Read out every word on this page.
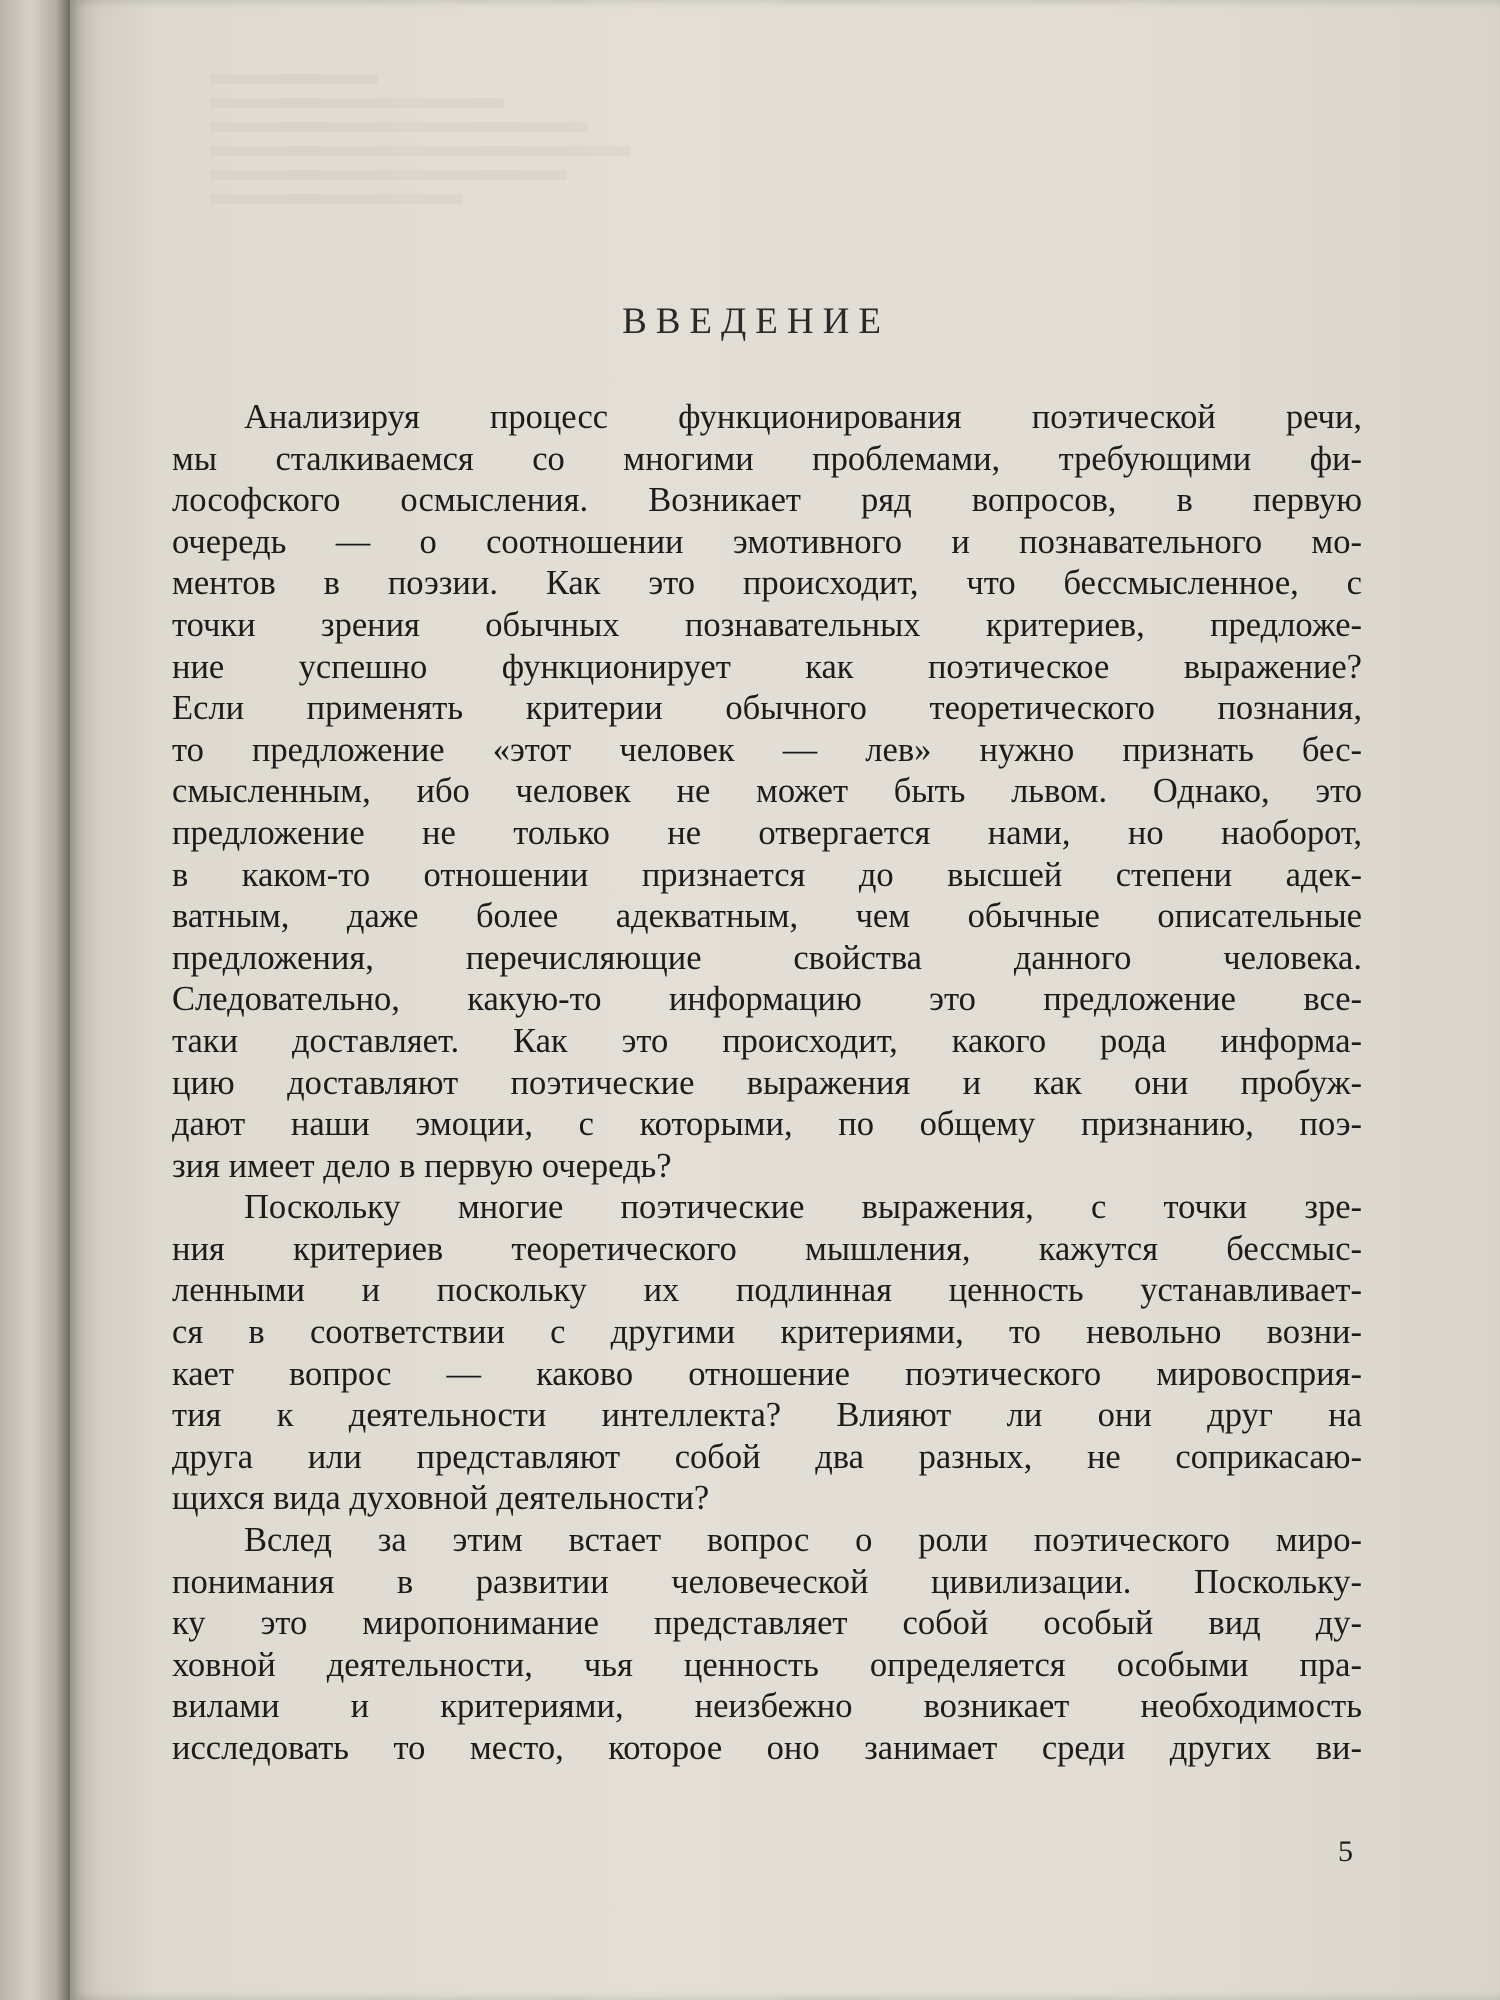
ВВЕДЕНИЕ
Анализируя процесс функционирования поэтической речи,
мы сталкиваемся со многими проблемами, требующими фи-
лософского осмысления. Возникает ряд вопросов, в первую
очередь — о соотношении эмотивного и познавательного мо-
ментов в поэзии. Как это происходит, что бессмысленное, с
точки зрения обычных познавательных критериев, предложе-
ние успешно функционирует как поэтическое выражение?
Если применять критерии обычного теоретического познания,
то предложение «этот человек — лев» нужно признать бес-
смысленным, ибо человек не может быть львом. Однако, это
предложение не только не отвергается нами, но наоборот,
в каком-то отношении признается до высшей степени адек-
ватным, даже более адекватным, чем обычные описательные
предложения, перечисляющие свойства данного человека.
Следовательно, какую-то информацию это предложение все-
таки доставляет. Как это происходит, какого рода информа-
цию доставляют поэтические выражения и как они пробуж-
дают наши эмоции, с которыми, по общему признанию, поэ-
зия имеет дело в первую очередь?
Поскольку многие поэтические выражения, с точки зре-
ния критериев теоретического мышления, кажутся бессмыс-
ленными и поскольку их подлинная ценность устанавливает-
ся в соответствии с другими критериями, то невольно возни-
кает вопрос — каково отношение поэтического мировосприя-
тия к деятельности интеллекта? Влияют ли они друг на
друга или представляют собой два разных, не соприкасаю-
щихся вида духовной деятельности?
Вслед за этим встает вопрос о роли поэтического миро-
понимания в развитии человеческой цивилизации. Поскольку-
ку это миропонимание представляет собой особый вид ду-
ховной деятельности, чья ценность определяется особыми пра-
вилами и критериями, неизбежно возникает необходимость
исследовать то место, которое оно занимает среди других ви-
5
